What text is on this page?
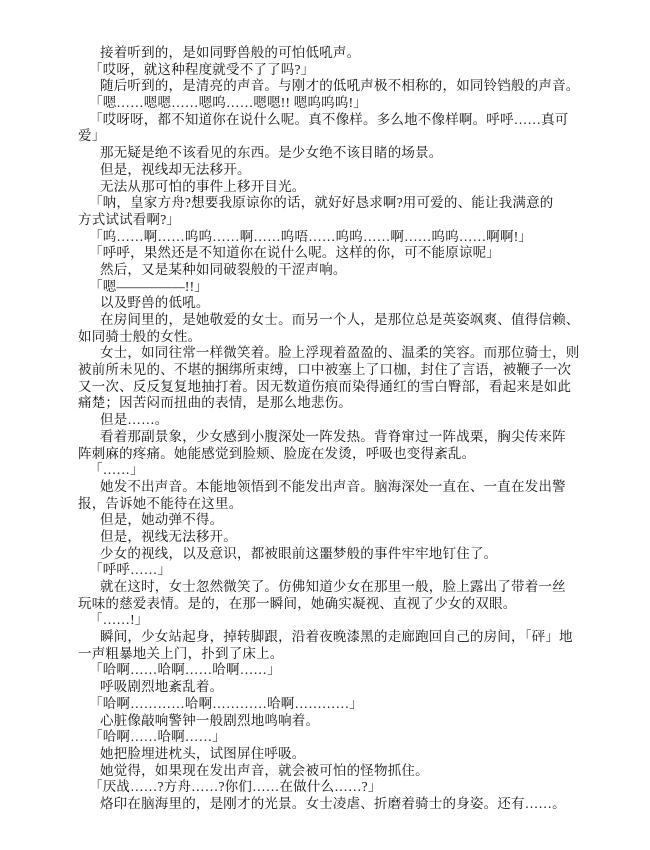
接着听到的，是如同野兽般的可怕低吼声。
「哎呀，就这种程度就受不了了吗?」
随后听到的，是清亮的声音。与刚才的低吼声极不相称的，如同铃铛般的声音。
「嗯……嗯嗯……嗯呜……嗯嗯!! 嗯呜呜呜!」
「哎呀呀，都不知道你在说什么呢。真不像样。多么地不像样啊。呼呼……真可
爱」
那无疑是绝不该看见的东西。是少女绝不该目睹的场景。
但是，视线却无法移开。
无法从那可怕的事件上移开目光。
「呐，皇家方舟?想要我原谅你的话，就好好恳求啊?用可爱的、能让我满意的
方式试试看啊?」
「呜……啊……呜呜……啊……呜唔……呜呜……啊……呜呜……啊啊!」
「呼呼，果然还是不知道你在说什么呢。这样的你，可不能原谅呢」
然后，又是某种如同破裂般的干涩声响。
「嗯—————!!」
以及野兽的低吼。
在房间里的，是她敬爱的女士。而另一个人，是那位总是英姿飒爽、值得信赖、
如同骑士般的女性。
女士，如同往常一样微笑着。脸上浮现着盈盈的、温柔的笑容。而那位骑士，则
被前所未见的、不堪的捆绑所束缚，口中被塞上了口枷，封住了言语，被鞭子一次
又一次、反反复复地抽打着。因无数道伤痕而染得通红的雪白臀部，看起来是如此
痛楚；因苦闷而扭曲的表情，是那么地悲伤。
但是……。
看着那副景象，少女感到小腹深处一阵发热。背脊窜过一阵战栗，胸尖传来阵
阵刺麻的疼痛。她能感觉到脸颊、脸庞在发烫，呼吸也变得紊乱。
「……」
她发不出声音。本能地领悟到不能发出声音。脑海深处一直在、一直在发出警
报，告诉她不能待在这里。
但是，她动弹不得。
但是，视线无法移开。
少女的视线，以及意识，都被眼前这噩梦般的事件牢牢地钉住了。
「呼呼……」
就在这时，女士忽然微笑了。仿佛知道少女在那里一般，脸上露出了带着一丝
玩味的慈爱表情。是的，在那一瞬间，她确实凝视、直视了少女的双眼。
「……!」
瞬间，少女站起身，掉转脚跟，沿着夜晚漆黑的走廊跑回自己的房间，「砰」地
一声粗暴地关上门，扑到了床上。
「哈啊……哈啊……哈啊……」
呼吸剧烈地紊乱着。
「哈啊…………哈啊…………哈啊…………」
心脏像敲响警钟一般剧烈地鸣响着。
「哈啊……哈啊……」
她把脸埋进枕头，试图屏住呼吸。
她觉得，如果现在发出声音，就会被可怕的怪物抓住。
「厌战……?方舟……?你们……在做什么……?」
烙印在脑海里的，是刚才的光景。女士凌虐、折磨着骑士的身姿。还有……。
